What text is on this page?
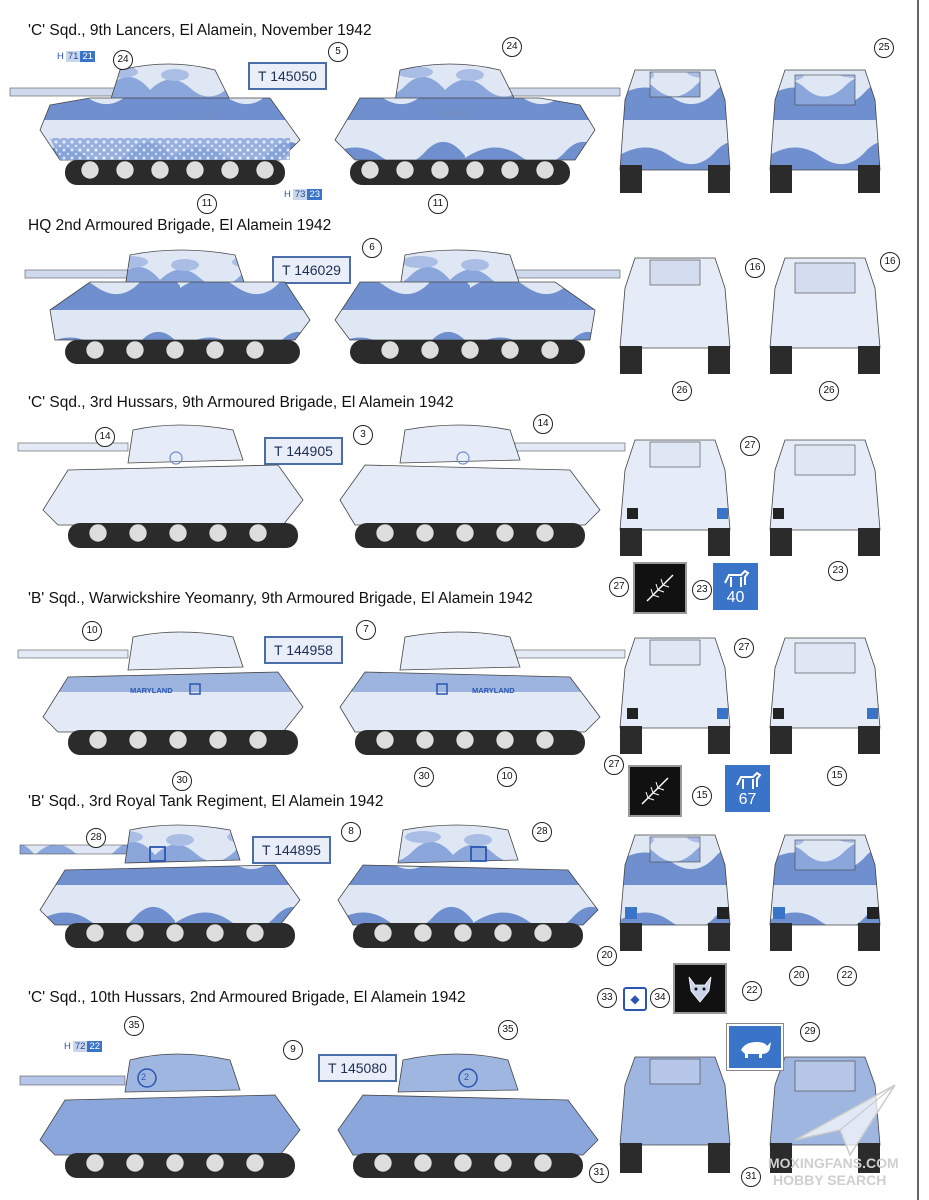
'C' Sqd., 9th Lancers, El Alamein, November 1942
H 71 21
T 145050
H 73 23
DUNDEE	DUNDEE
24
5	24	25
11	11
HQ 2nd Armoured Brigade, El Alamein 1942
T 146029
6
16
16
26	26
'C' Sqd., 3rd Hussars, 9th Armoured Brigade, El Alamein 1942
T 144905
40
14	3
14
27
27	23
23
'B' Sqd., Warwickshire Yeomanry, 9th Armoured Brigade, El Alamein 1942
T 144958
MARYLAND	MARYLAND
67
10	7
30	30	10
27
27
15
15
'B' Sqd., 3rd Royal Tank Regiment, El Alamein 1942
T 144895
◆
28
8	28
20
20	22
33	34
22
'C' Sqd., 10th Hussars, 2nd Armoured Brigade, El Alamein 1942
H 72 22
T 145080
2	2
35
9
35	29
31	31
MOXINGFANS.COM
HOBBY SEARCH
